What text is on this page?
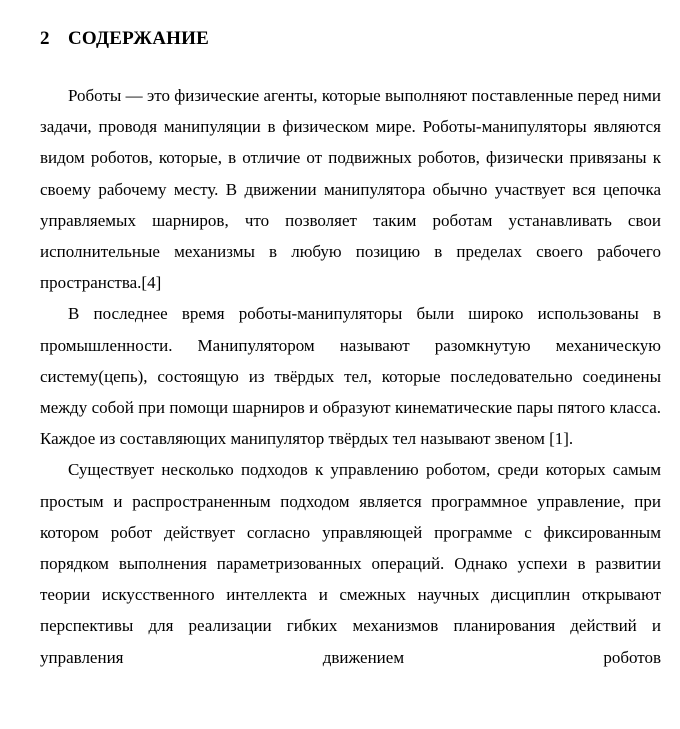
2 СОДЕРЖАНИЕ

Роботы — это физические агенты, которые выполняют поставленные перед ними задачи, проводя манипуляции в физическом мире. Роботы-манипуляторы являются видом роботов, которые, в отличие от подвижных роботов, физически привязаны к своему рабочему месту. В движении манипулятора обычно участвует вся цепочка управляемых шарниров, что позволяет таким роботам устанавливать свои исполнительные механизмы в любую позицию в пределах своего рабочего пространства.[4]

В последнее время роботы-манипуляторы были широко использованы в промышленности. Манипулятором называют разомкнутую механическую систему(цепь), состоящую из твёрдых тел, которые последовательно соединены между собой при помощи шарниров и образуют кинематические пары пятого класса. Каждое из составляющих манипулятор твёрдых тел называют звеном [1].

Существует несколько подходов к управлению роботом, среди которых самым простым и распространенным подходом является программное управление, при котором робот действует согласно управляющей программе с фиксированным порядком выполнения параметризованных операций. Однако успехи в развитии теории искусственного интеллекта и смежных научных дисциплин открывают перспективы для реализации гибких механизмов планирования действий и управления движением роботов
